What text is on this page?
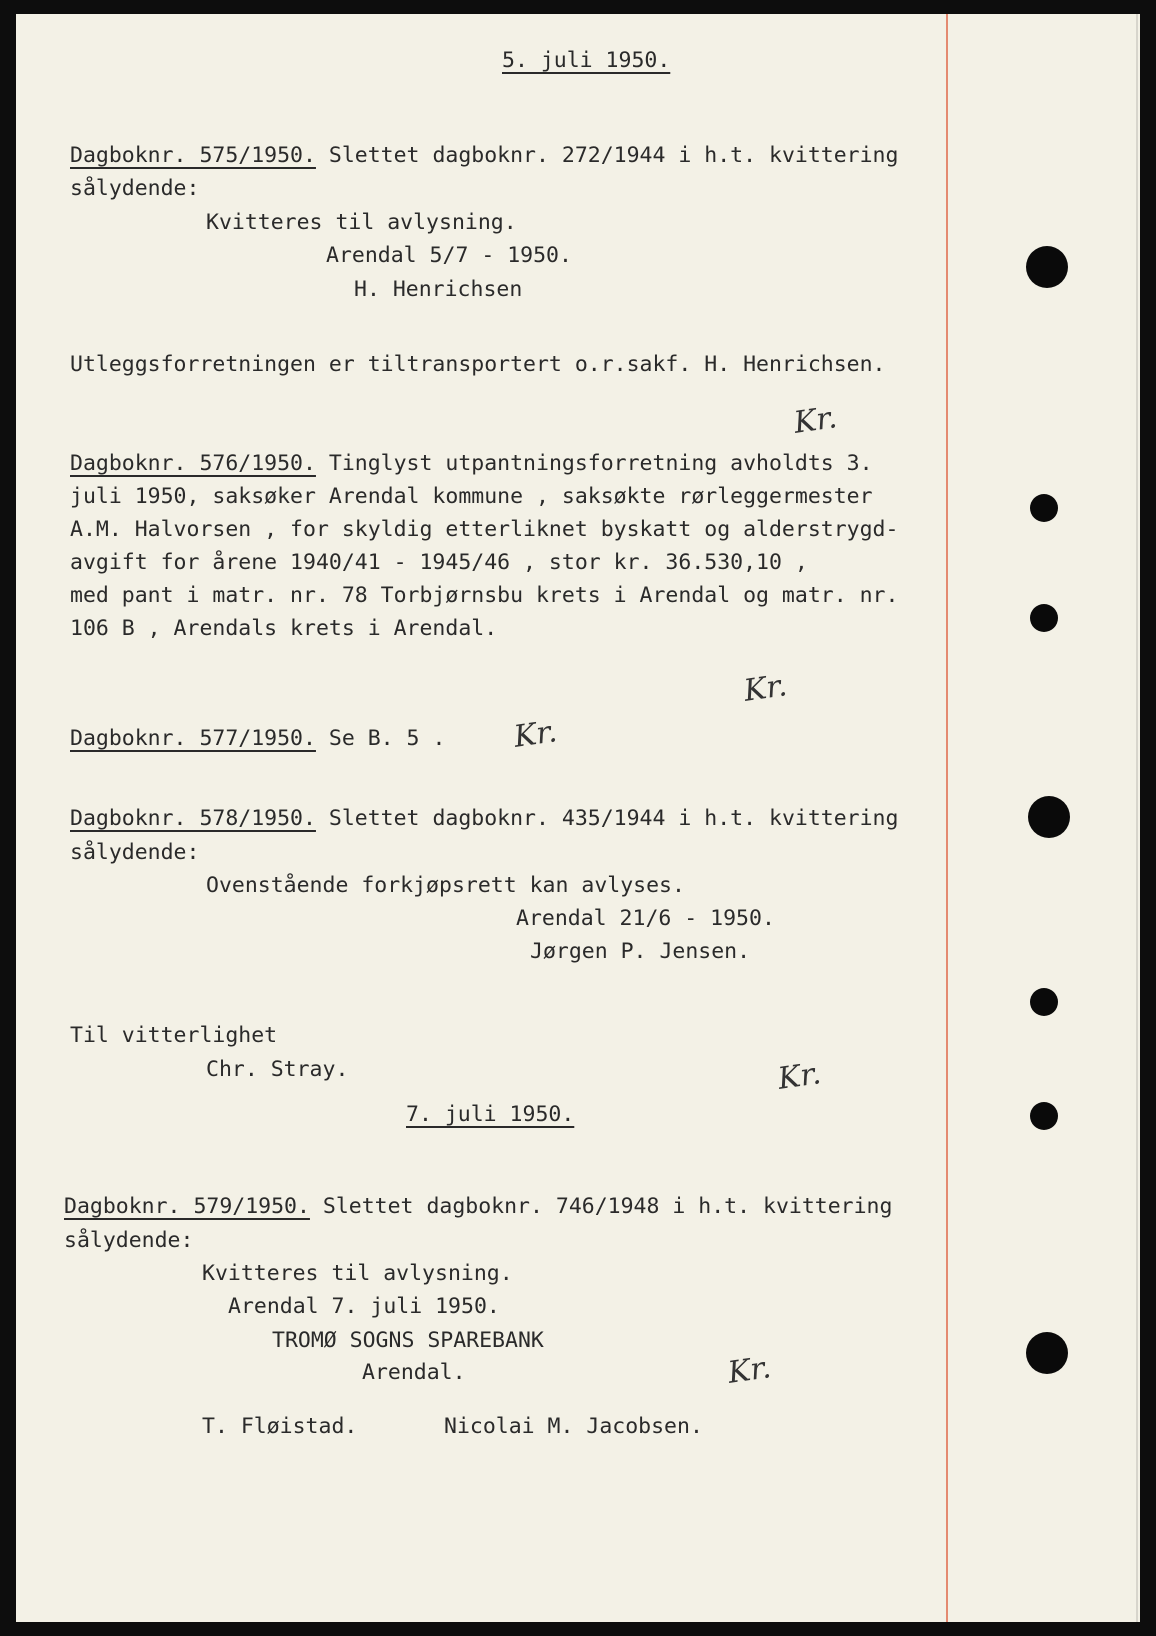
5. juli 1950.
Dagboknr. 575/1950. Slettet dagboknr. 272/1944 i h.t. kvittering
sålydende:
Kvitteres til avlysning.
Arendal 5/7 - 1950.
H. Henrichsen
Utleggsforretningen er tiltransportert o.r.sakf. H. Henrichsen.
Kr.
Dagboknr. 576/1950. Tinglyst utpantningsforretning avholdts 3.
juli 1950, saksøker Arendal kommune , saksøkte rørleggermester
A.M. Halvorsen , for skyldig etterliknet byskatt og alderstrygd-
avgift for årene 1940/41 - 1945/46 , stor kr. 36.530,10 ,
med pant i matr. nr. 78 Torbjørnsbu krets i Arendal og matr. nr.
106 B , Arendals krets i Arendal.
Kr.
Dagboknr. 577/1950. Se B. 5 . Kr.
Dagboknr. 578/1950. Slettet dagboknr. 435/1944 i h.t. kvittering
sålydende:
Ovenstående forkjøpsrett kan avlyses.
Arendal 21/6 - 1950.
Jørgen P. Jensen.
Til vitterlighet
Chr. Stray.	Kr.
7. juli 1950.
Dagboknr. 579/1950. Slettet dagboknr. 746/1948 i h.t. kvittering
sålydende:
Kvitteres til avlysning.
Arendal 7. juli 1950.
TROMØ SOGNS SPAREBANK
Arendal.	Kr.
T. Fløistad.	Nicolai M. Jacobsen.
